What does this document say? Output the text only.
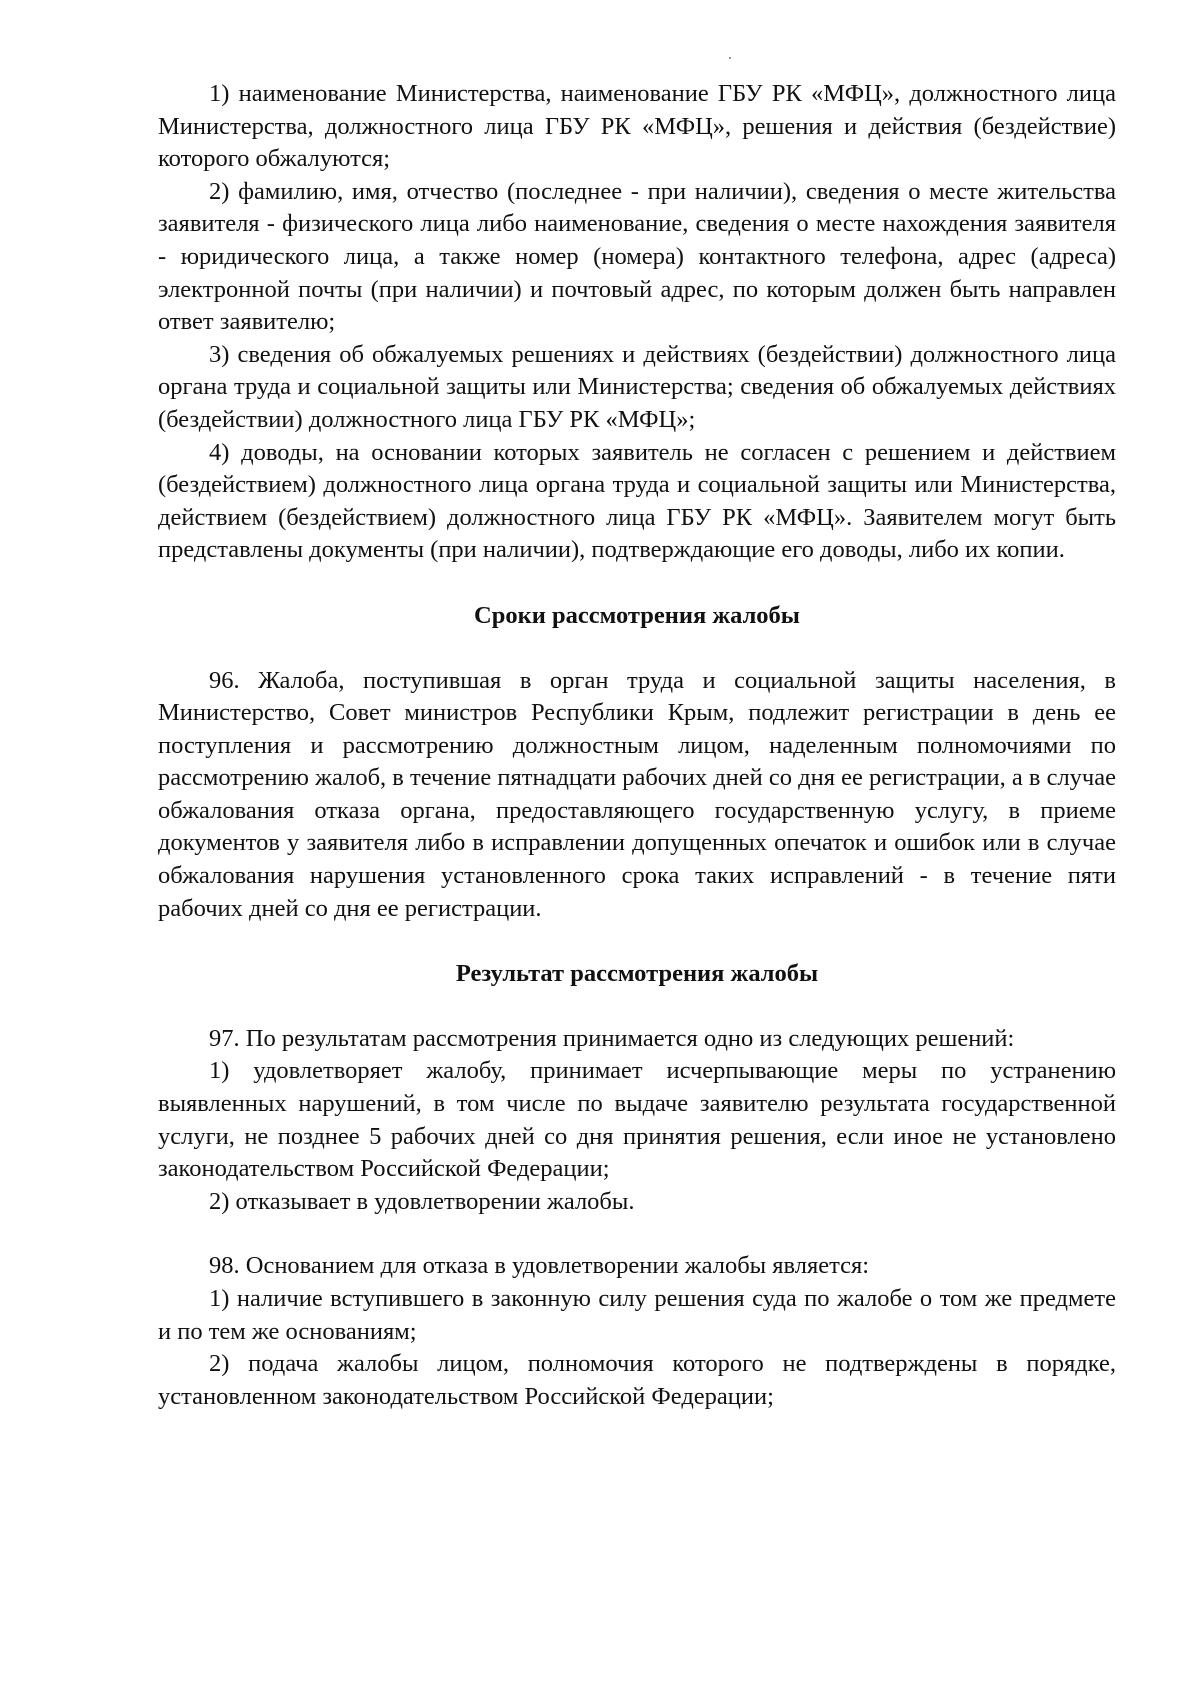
1) наименование Министерства, наименование ГБУ РК «МФЦ», должностного лица Министерства, должностного лица ГБУ РК «МФЦ», решения и действия (бездействие) которого обжалуются;

2) фамилию, имя, отчество (последнее - при наличии), сведения о месте жительства заявителя - физического лица либо наименование, сведения о месте нахождения заявителя - юридического лица, а также номер (номера) контактного телефона, адрес (адреса) электронной почты (при наличии) и почтовый адрес, по которым должен быть направлен ответ заявителю;

3) сведения об обжалуемых решениях и действиях (бездействии) должностного лица органа труда и социальной защиты или Министерства; сведения об обжалуемых действиях (бездействии) должностного лица ГБУ РК «МФЦ»;

4) доводы, на основании которых заявитель не согласен с решением и действием (бездействием) должностного лица органа труда и социальной защиты или Министерства, действием (бездействием) должностного лица ГБУ РК «МФЦ». Заявителем могут быть представлены документы (при наличии), подтверждающие его доводы, либо их копии.

Сроки рассмотрения жалобы

96. Жалоба, поступившая в орган труда и социальной защиты населения, в Министерство, Совет министров Республики Крым, подлежит регистрации в день ее поступления и рассмотрению должностным лицом, наделенным полномочиями по рассмотрению жалоб, в течение пятнадцати рабочих дней со дня ее регистрации, а в случае обжалования отказа органа, предоставляющего государственную услугу, в приеме документов у заявителя либо в исправлении допущенных опечаток и ошибок или в случае обжалования нарушения установленного срока таких исправлений - в течение пяти рабочих дней со дня ее регистрации.

Результат рассмотрения жалобы

97. По результатам рассмотрения принимается одно из следующих решений:

1) удовлетворяет жалобу, принимает исчерпывающие меры по устранению выявленных нарушений, в том числе по выдаче заявителю результата государственной услуги, не позднее 5 рабочих дней со дня принятия решения, если иное не установлено законодательством Российской Федерации;

2) отказывает в удовлетворении жалобы.

98. Основанием для отказа в удовлетворении жалобы является:

1) наличие вступившего в законную силу решения суда по жалобе о том же предмете и по тем же основаниям;

2) подача жалобы лицом, полномочия которого не подтверждены в порядке, установленном законодательством Российской Федерации;
